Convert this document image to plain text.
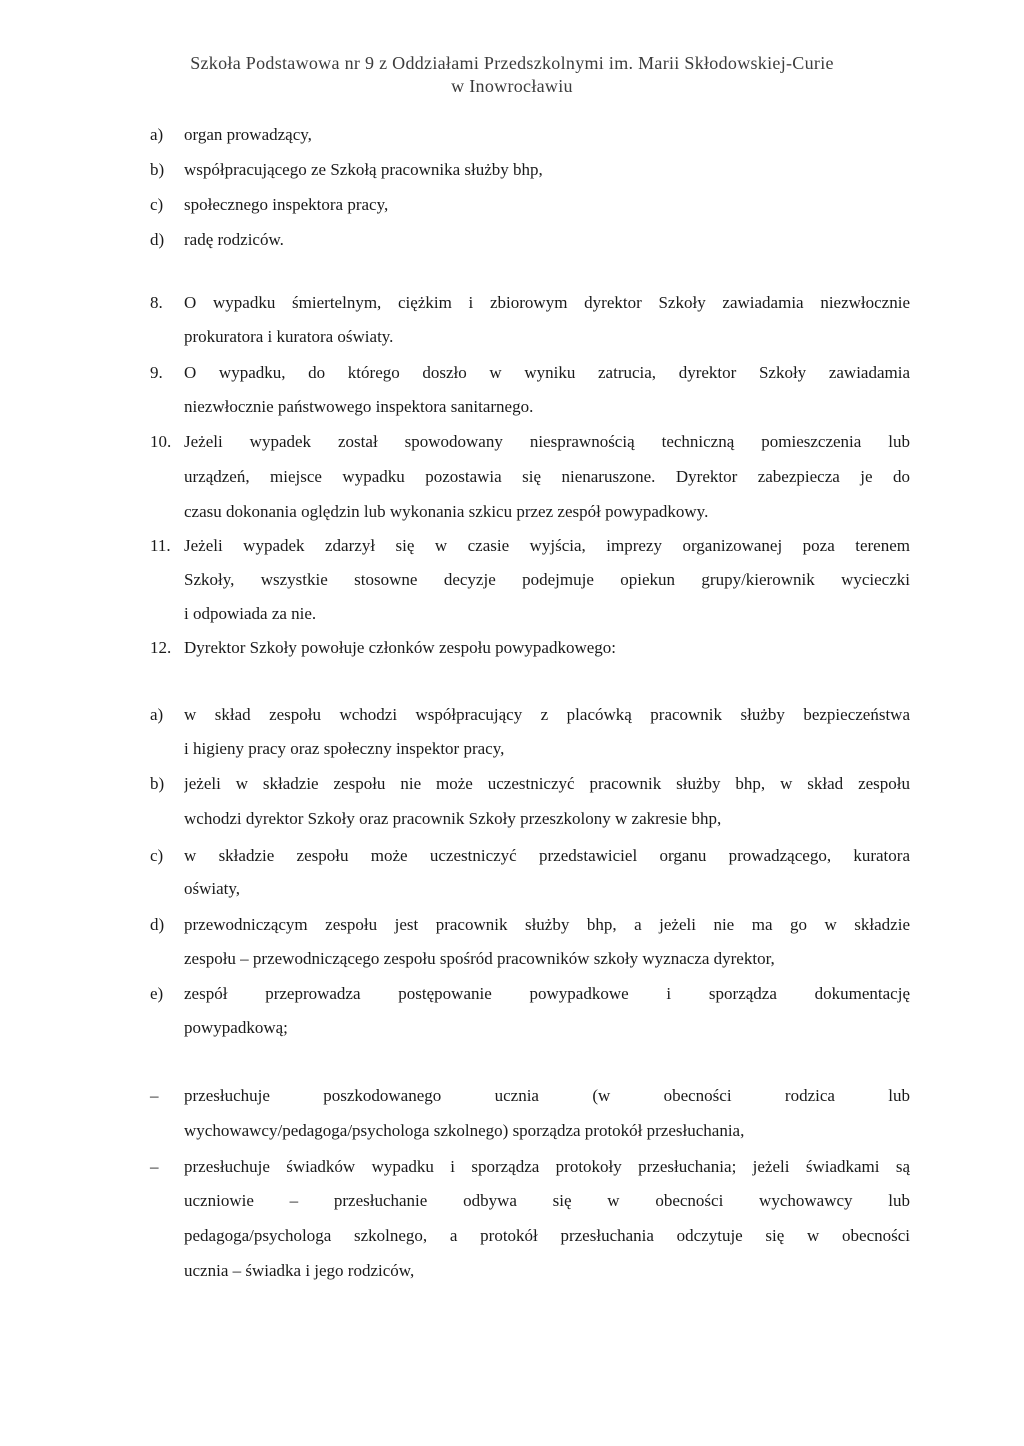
Szkoła Podstawowa nr 9 z Oddziałami Przedszkolnymi im. Marii Skłodowskiej-Curie
w Inowrocławiu
a) organ prowadzący,
b) współpracującego ze Szkołą pracownika służby bhp,
c) społecznego inspektora pracy,
d) radę rodziców.
8. O wypadku śmiertelnym, ciężkim i zbiorowym dyrektor Szkoły zawiadamia niezwłocznie
prokuratora i kuratora oświaty.
9. O wypadku, do którego doszło w wyniku zatrucia, dyrektor Szkoły zawiadamia
niezwłocznie państwowego inspektora sanitarnego.
10. Jeżeli wypadek został spowodowany niesprawnością techniczną pomieszczenia lub
urządzeń, miejsce wypadku pozostawia się nienaruszone. Dyrektor zabezpiecza je do
czasu dokonania oględzin lub wykonania szkicu przez zespół powypadkowy.
11. Jeżeli wypadek zdarzył się w czasie wyjścia, imprezy organizowanej poza terenem
Szkoły, wszystkie stosowne decyzje podejmuje opiekun grupy/kierownik wycieczki
i odpowiada za nie.
12. Dyrektor Szkoły powołuje członków zespołu powypadkowego:
a) w skład zespołu wchodzi współpracujący z placówką pracownik służby bezpieczeństwa
i higieny pracy oraz społeczny inspektor pracy,
b) jeżeli w składzie zespołu nie może uczestniczyć pracownik służby bhp, w skład zespołu
wchodzi dyrektor Szkoły oraz pracownik Szkoły przeszkolony w zakresie bhp,
c) w składzie zespołu może uczestniczyć przedstawiciel organu prowadzącego, kuratora
oświaty,
d) przewodniczącym zespołu jest pracownik służby bhp, a jeżeli nie ma go w składzie
zespołu – przewodniczącego zespołu spośród pracowników szkoły wyznacza dyrektor,
e) zespół przeprowadza postępowanie powypadkowe i sporządza dokumentację
powypadkową;
– przesłuchuje poszkodowanego ucznia (w obecności rodzica lub
wychowawcy/pedagoga/psychologa szkolnego) sporządza protokół przesłuchania,
– przesłuchuje świadków wypadku i sporządza protokoły przesłuchania; jeżeli świadkami są
uczniowie – przesłuchanie odbywa się w obecności wychowawcy lub
pedagoga/psychologa szkolnego, a protokół przesłuchania odczytuje się w obecności
ucznia – świadka i jego rodziców,
